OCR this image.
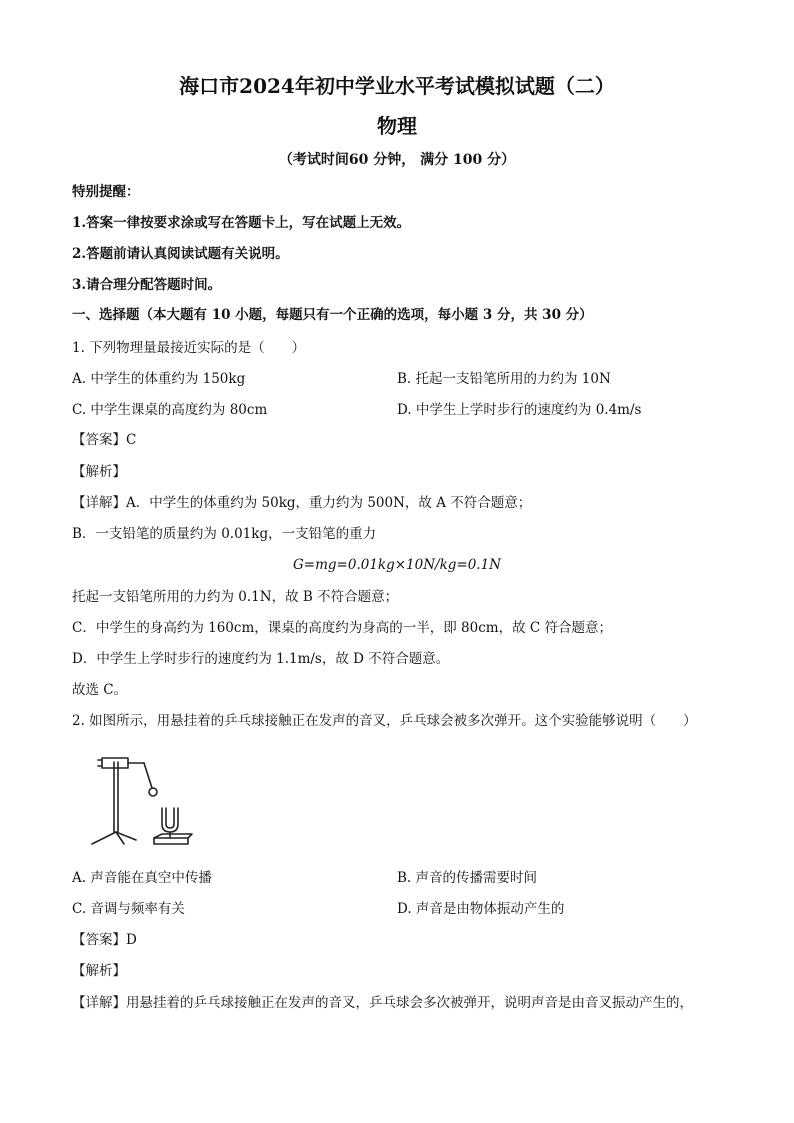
海口市2024年初中学业水平考试模拟试题（二）
物理
（考试时间60 分钟， 满分 100 分）
特别提醒：
1.答案一律按要求涂或写在答题卡上，写在试题上无效。
2.答题前请认真阅读试题有关说明。
3.请合理分配答题时间。
一、选择题（本大题有 10 小题，每题只有一个正确的选项，每小题 3 分，共 30 分）
1. 下列物理量最接近实际的是（　　）
A. 中学生的体重约为 150kg	B. 托起一支铅笔所用的力约为 10N
C. 中学生课桌的高度约为 80cm	D. 中学生上学时步行的速度约为 0.4m/s
【答案】C
【解析】
【详解】A．中学生的体重约为 50kg，重力约为 500N，故 A 不符合题意；
B．一支铅笔的质量约为 0.01kg，一支铅笔的重力
G=mg=0.01kg×10N/kg=0.1N
托起一支铅笔所用的力约为 0.1N，故 B 不符合题意；
C．中学生的身高约为 160cm，课桌的高度约为身高的一半，即 80cm，故 C 符合题意；
D．中学生上学时步行的速度约为 1.1m/s，故 D 不符合题意。
故选 C。
2. 如图所示，用悬挂着的乒乓球接触正在发声的音叉，乒乓球会被多次弹开。这个实验能够说明（　　）
A. 声音能在真空中传播	B. 声音的传播需要时间
C. 音调与频率有关	D. 声音是由物体振动产生的
【答案】D
【解析】
【详解】用悬挂着的乒乓球接触正在发声的音叉，乒乓球会多次被弹开，说明声音是由音叉振动产生的，
